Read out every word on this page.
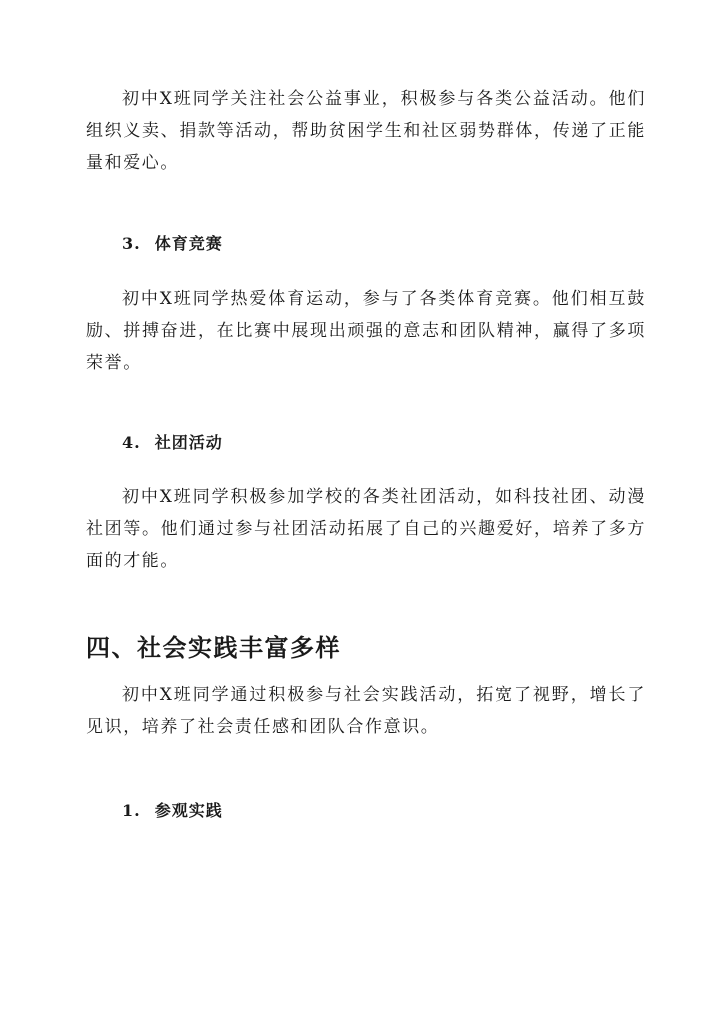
初中X班同学关注社会公益事业，积极参与各类公益活动。他们组织义卖、捐款等活动，帮助贫困学生和社区弱势群体，传递了正能量和爱心。

3. 体育竞赛

初中X班同学热爱体育运动，参与了各类体育竞赛。他们相互鼓励、拼搏奋进，在比赛中展现出顽强的意志和团队精神，赢得了多项荣誉。

4. 社团活动

初中X班同学积极参加学校的各类社团活动，如科技社团、动漫社团等。他们通过参与社团活动拓展了自己的兴趣爱好，培养了多方面的才能。

四、社会实践丰富多样

初中X班同学通过积极参与社会实践活动，拓宽了视野，增长了见识，培养了社会责任感和团队合作意识。

1. 参观实践
